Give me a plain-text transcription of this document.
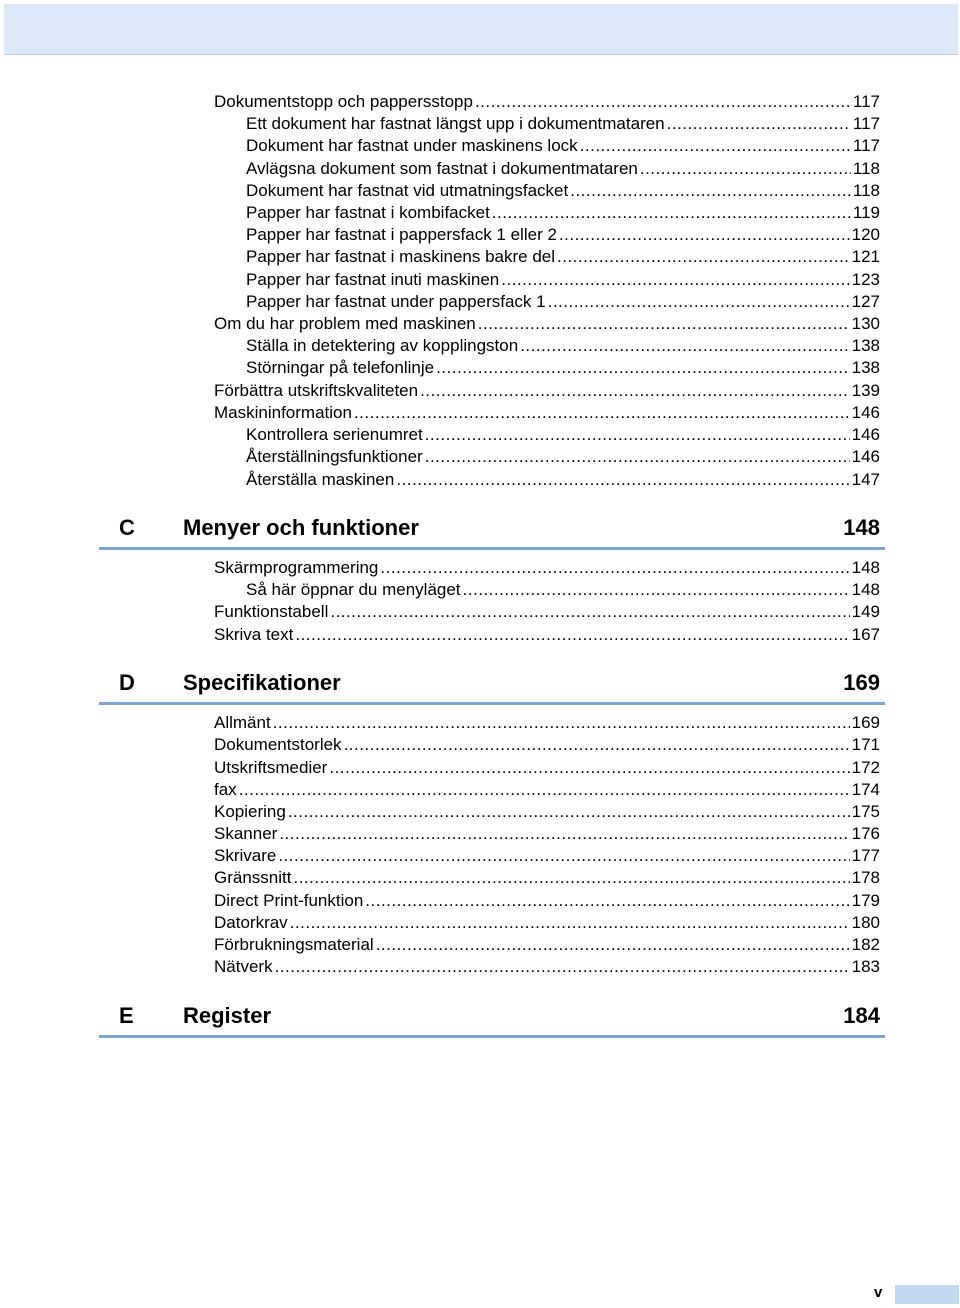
Dokumentstopp och pappersstopp .....	117
Ett dokument har fastnat längst upp i dokumentmataren .....	117
Dokument har fastnat under maskinens lock .....	117
Avlägsna dokument som fastnat i dokumentmataren .....	118
Dokument har fastnat vid utmatningsfacket .....	118
Papper har fastnat i kombifacket .....	119
Papper har fastnat i pappersfack 1 eller 2 .....	120
Papper har fastnat i maskinens bakre del .....	121
Papper har fastnat inuti maskinen .....	123
Papper har fastnat under pappersfack 1 .....	127
Om du har problem med maskinen .....	130
Ställa in detektering av kopplingston .....	138
Störningar på telefonlinje .....	138
Förbättra utskriftskvaliteten .....	139
Maskininformation .....	146
Kontrollera serienumret .....	146
Återställningsfunktioner .....	146
Återställa maskinen .....	147
C Menyer och funktioner	148
Skärmprogrammering .....	148
Så här öppnar du menyläget .....	148
Funktionstabell .....	149
Skriva text .....	167
D Specifikationer	169
Allmänt .....	169
Dokumentstorlek .....	171
Utskriftsmedier .....	172
fax .....	174
Kopiering .....	175
Skanner .....	176
Skrivare .....	177
Gränssnitt .....	178
Direct Print-funktion .....	179
Datorkrav .....	180
Förbrukningsmaterial .....	182
Nätverk .....	183
E Register	184
v
